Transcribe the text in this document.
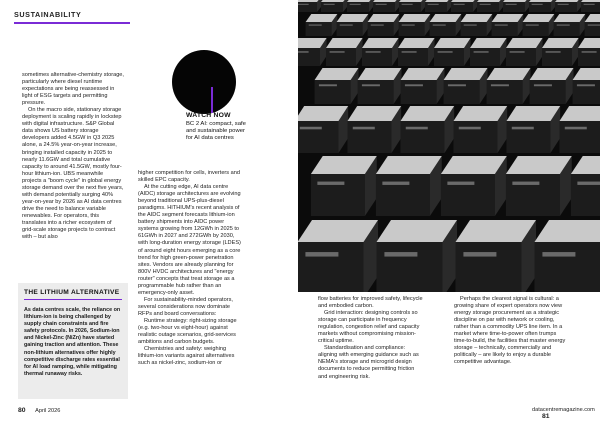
SUSTAINABILITY

sometimes alternative-chemistry storage, particularly where diesel runtime expectations are being reassessed in light of ESG targets and permitting pressure.

On the macro side, stationary storage deployment is scaling rapidly in lockstep with digital infrastructure. S&P Global data shows US battery storage developers added 4.5GW in Q3 2025 alone, a 24.5% year-on-year increase, bringing installed capacity in 2025 to nearly 11.6GW and total cumulative capacity to around 41.5GW, mostly four-hour lithium-ion. UBS meanwhile projects a "boom cycle" in global energy storage demand over the next five years, with demand potentially surging 40% year-on-year by 2026 as AI data centres drive the need to balance variable renewables. For operators, this translates into a richer ecosystem of grid-scale storage projects to contract with – but also

WATCH NOW
BC 2 AI: compact, safe
and sustainable power
for AI data centres

higher competition for cells, inverters and skilled EPC capacity.

At the cutting edge, AI data centre (AIDC) storage architectures are evolving beyond traditional UPS-plus-diesel paradigms. HITHIUM's recent analysis of the AIDC segment forecasts lithium-ion battery shipments into AIDC power systems growing from 12GWh in 2025 to 61GWh in 2027 and 272GWh by 2030, with long-duration energy storage (LDES) of around eight hours emerging as a core trend for high green-power penetration sites. Vendors are already planning for 800V HVDC architectures and "energy router" concepts that treat storage as a programmable hub rather than an emergency-only asset.

For sustainability-minded operators, several considerations now dominate RFPs and board conversations:

Runtime strategy: right-sizing storage (e.g. two-hour vs eight-hour) against realistic outage scenarios, grid-services ambitions and carbon budgets.

Chemistries and safety: weighing lithium-ion variants against alternatives such as nickel-zinc, sodium-ion or

THE LITHIUM ALTERNATIVE
As data centres scale, the reliance on lithium-ion is being challenged by supply chain constraints and fire safety protocols. In 2026, Sodium-ion and Nickel-Zinc (NiZn) have started gaining traction and attention. These non-lithium alternatives offer highly competitive discharge rates essential for AI load ramping, while mitigating thermal runaway risks.
80 April 2026

flow batteries for improved safety, lifecycle and embodied carbon.

Grid interaction: designing controls so storage can participate in frequency regulation, congestion relief and capacity markets without compromising mission-critical uptime.

Standardisation and compliance: aligning with emerging guidance such as NEMA's storage and microgrid design documents to reduce permitting friction and engineering risk.

Perhaps the clearest signal is cultural: a growing share of expert operators now view energy storage procurement as a strategic discipline on par with network or cooling, rather than a commodity UPS line item. In a market where time-to-power often trumps time-to-build, the facilities that master energy storage – technically, commercially and politically – are likely to enjoy a durable competitive advantage.

datacentremagazine.com 81
